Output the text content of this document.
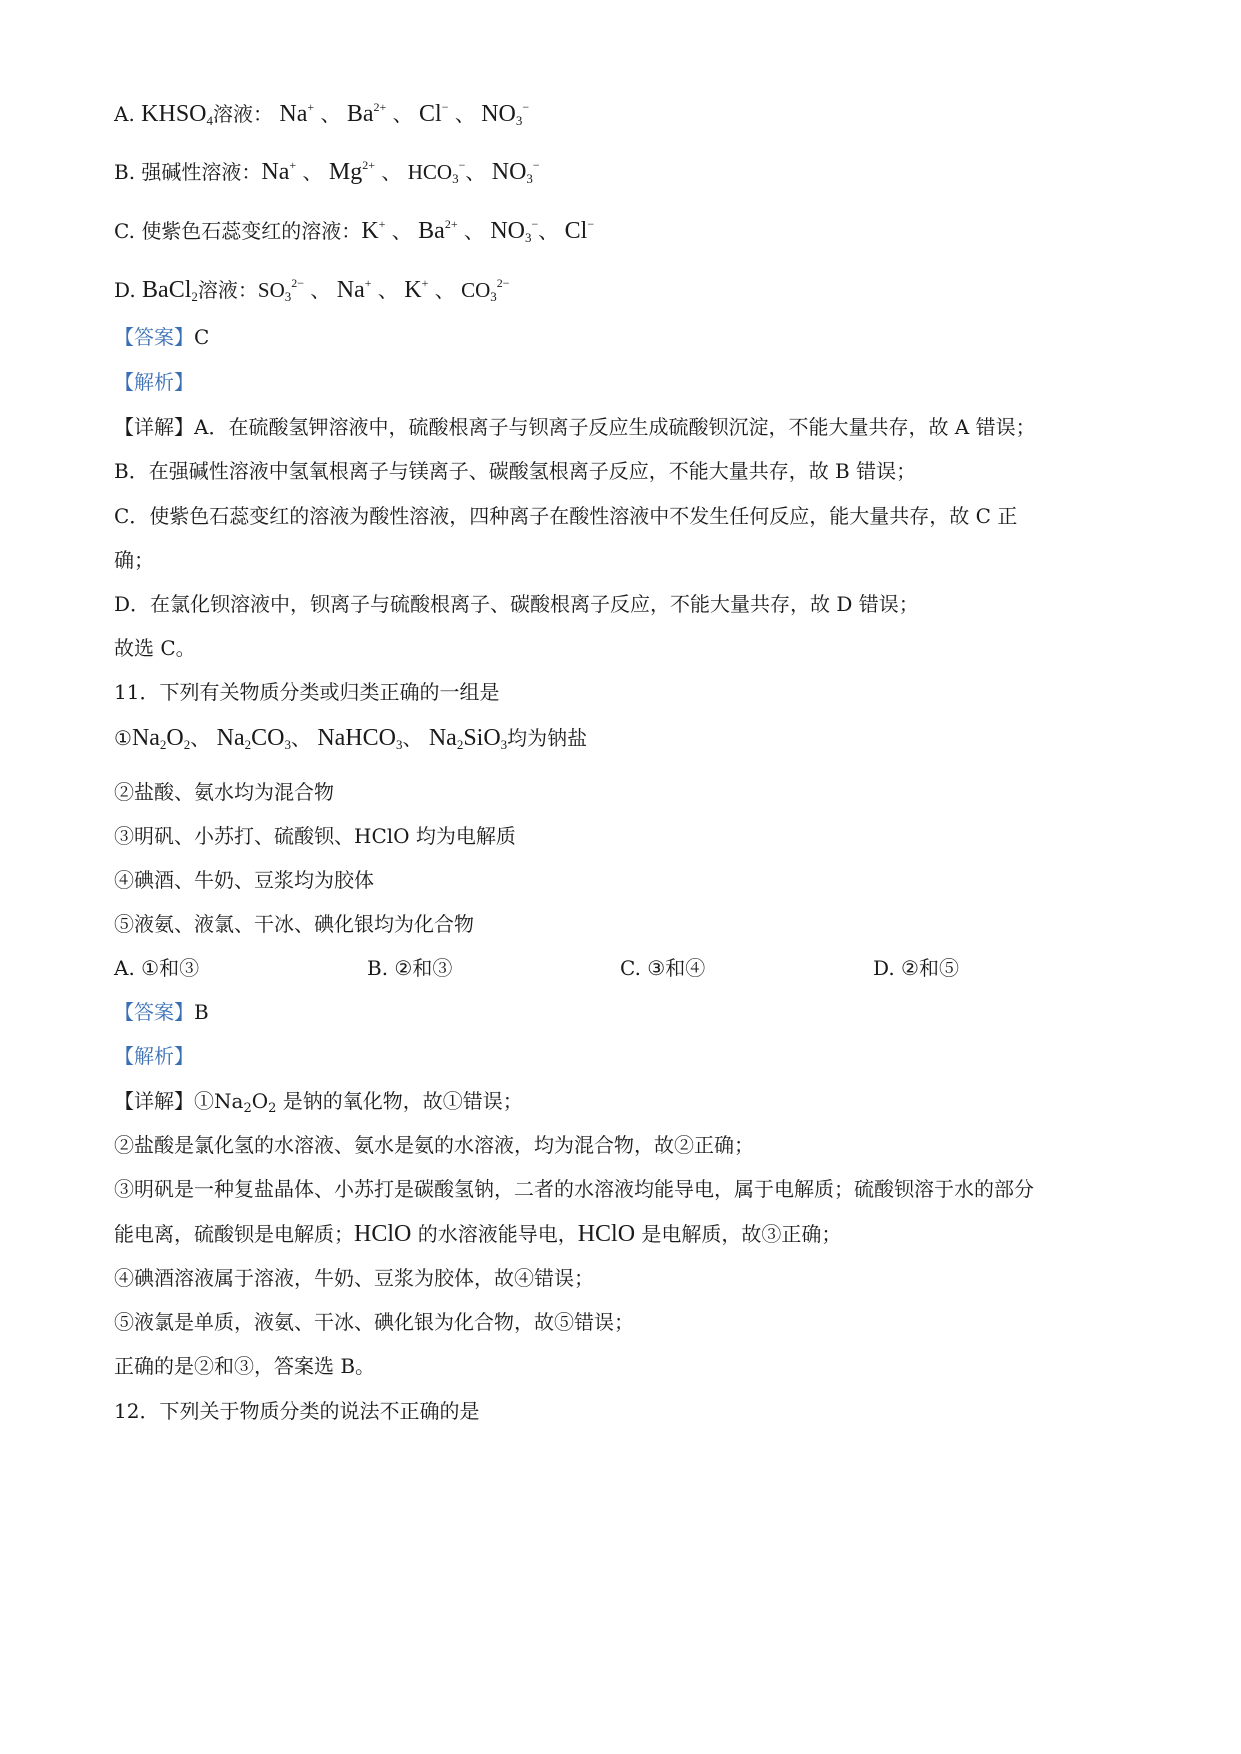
A. $KHSO_4$溶液： Na+ 、 $Ba^{2+}$ 、 Cl− 、 $NO_3^-$
B. 强碱性溶液：Na+ 、 $Mg^{2+}$ 、 $HCO_3^-$、 $NO_3^-$
C. 使紫色石蕊变红的溶液：K+ 、 $Ba^{2+}$ 、 $NO_3^-$、 Cl−
D. BaCl$_2$溶液：$SO_3^{2-}$ 、 Na+ 、 K+ 、 $CO_3^{2-}$
【答案】C
【解析】
【详解】A．在硫酸氢钾溶液中，硫酸根离子与钡离子反应生成硫酸钡沉淀，不能大量共存，故 A 错误；
B．在强碱性溶液中氢氧根离子与镁离子、碳酸氢根离子反应，不能大量共存，故 B 错误；
C．使紫色石蕊变红的溶液为酸性溶液，四种离子在酸性溶液中不发生任何反应，能大量共存，故 C 正
确；
D．在氯化钡溶液中，钡离子与硫酸根离子、碳酸根离子反应，不能大量共存，故 D 错误；
故选 C。
11．下列有关物质分类或归类正确的一组是
$①Na_2O_2$、 $Na_2CO_3$、 NaHCO$_3$、 $Na_2SiO_3$均为钠盐
②盐酸、氨水均为混合物
③明矾、小苏打、硫酸钡、HClO 均为电解质
④碘酒、牛奶、豆浆均为胶体
⑤液氨、液氯、干冰、碘化银均为化合物
A. ①和③	B. ②和③	C. ③和④	D. ②和⑤
【答案】B
【解析】
【详解】$①Na_2O_2$ 是钠的氧化物，故①错误；
②盐酸是氯化氢的水溶液、氨水是氨的水溶液，均为混合物，故②正确；
③明矾是一种复盐晶体、小苏打是碳酸氢钠，二者的水溶液均能导电，属于电解质；硫酸钡溶于水的部分
能电离，硫酸钡是电解质；HClO 的水溶液能导电，HClO 是电解质，故③正确；
④碘酒溶液属于溶液，牛奶、豆浆为胶体，故④错误；
⑤液氯是单质，液氨、干冰、碘化银为化合物，故⑤错误；
正确的是②和③，答案选 B。
12．下列关于物质分类的说法不正确的是
